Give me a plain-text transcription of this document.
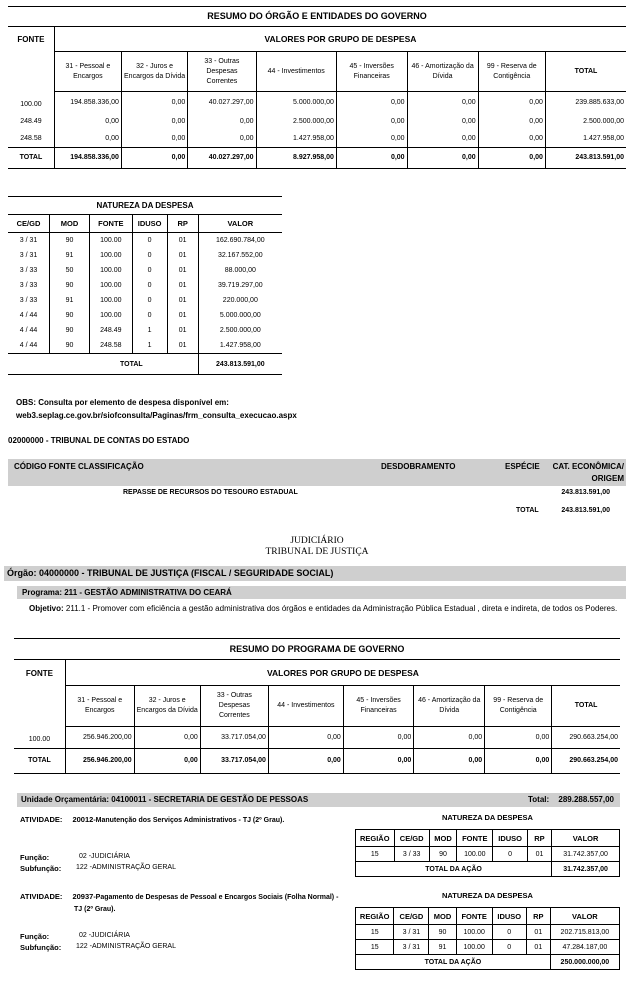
RESUMO DO ÓRGÃO E ENTIDADES DO GOVERNO
FONTE	VALORES POR GRUPO DE DESPESA							
	31 - Pessoal e Encargos	32 - Juros e Encargos da Dívida	33 - Outras Despesas Correntes	44 - Investimentos	45 - Inversões Financeiras	46 - Amortização da Dívida	99 - Reserva de Contigência	TOTAL
100.00	194.858.336,00	0,00	40.027.297,00	5.000.000,00	0,00	0,00	0,00	239.885.633,00
248.49	0,00	0,00	0,00	2.500.000,00	0,00	0,00	0,00	2.500.000,00
248.58	0,00	0,00	0,00	1.427.958,00	0,00	0,00	0,00	1.427.958,00
TOTAL	194.858.336,00	0,00	40.027.297,00	8.927.958,00	0,00	0,00	0,00	243.813.591,00
NATUREZA DA DESPESA
CE/GD	MOD	FONTE	IDUSO	RP	VALOR
3 / 31	90	100.00	0	01	162.690.784,00
3 / 31	91	100.00	0	01	32.167.552,00
3 / 33	50	100.00	0	01	88.000,00
3 / 33	90	100.00	0	01	39.719.297,00
3 / 33	91	100.00	0	01	220.000,00
4 / 44	90	100.00	0	01	5.000.000,00
4 / 44	90	248.49	1	01	2.500.000,00
4 / 44	90	248.58	1	01	1.427.958,00
TOTAL					243.813.591,00
OBS: Consulta por elemento de despesa disponível em:
web3.seplag.ce.gov.br/siofconsulta/Paginas/frm_consulta_execucao.aspx
02000000 - TRIBUNAL DE CONTAS DO ESTADO
CÓDIGO FONTE CLASSIFICAÇÃO	DESDOBRAMENTO	ESPÉCIE CAT. ECONÔMICA/
ORIGEM
REPASSE DE RECURSOS DO TESOURO ESTADUAL	243.813.591,00
TOTAL	243.813.591,00
JUDICIÁRIO
TRIBUNAL DE JUSTIÇA
Órgão: 04000000 - TRIBUNAL DE JUSTIÇA (FISCAL / SEGURIDADE SOCIAL)
Programa: 211 - GESTÃO ADMINISTRATIVA DO CEARÁ
Objetivo: 211.1 - Promover com eficiência a gestão administrativa dos órgãos e entidades da Administração Pública Estadual , direta e indireta, de todos os Poderes.
RESUMO DO PROGRAMA DE GOVERNO
FONTE	VALORES POR GRUPO DE DESPESA							
	31 - Pessoal e Encargos	32 - Juros e Encargos da Dívida	33 - Outras Despesas Correntes	44 - Investimentos	45 - Inversões Financeiras	46 - Amortização da Dívida	99 - Reserva de Contigência	TOTAL
100.00	256.946.200,00	0,00	33.717.054,00	0,00	0,00	0,00	0,00	290.663.254,00
TOTAL	256.946.200,00	0,00	33.717.054,00	0,00	0,00	0,00	0,00	290.663.254,00
Unidade Orçamentária: 04100011 - SECRETARIA DE GESTÃO DE PESSOAS	Total: 289.288.557,00
ATIVIDADE: 20012-Manutenção dos Serviços Administrativos - TJ (2º Grau).
Função:	02 -JUDICIÁRIA
Subfunção: 122 -ADMINISTRAÇÃO GERAL
NATUREZA DA DESPESA
REGIÃO	CE/GD	MOD	FONTE	IDUSO	RP	VALOR
15	3 / 33	90	100.00	0	01	31.742.357,00
TOTAL DA AÇÃO						31.742.357,00
ATIVIDADE: 20937-Pagamento de Despesas de Pessoal e Encargos Sociais (Folha Normal) -
TJ (2º Grau).
Função:	02 -JUDICIÁRIA
Subfunção: 122 -ADMINISTRAÇÃO GERAL
NATUREZA DA DESPESA
REGIÃO	CE/GD	MOD	FONTE	IDUSO	RP	VALOR
15	3 / 31	90	100.00	0	01	202.715.813,00
15	3 / 31	91	100.00	0	01	47.284.187,00
TOTAL DA AÇÃO						250.000.000,00
